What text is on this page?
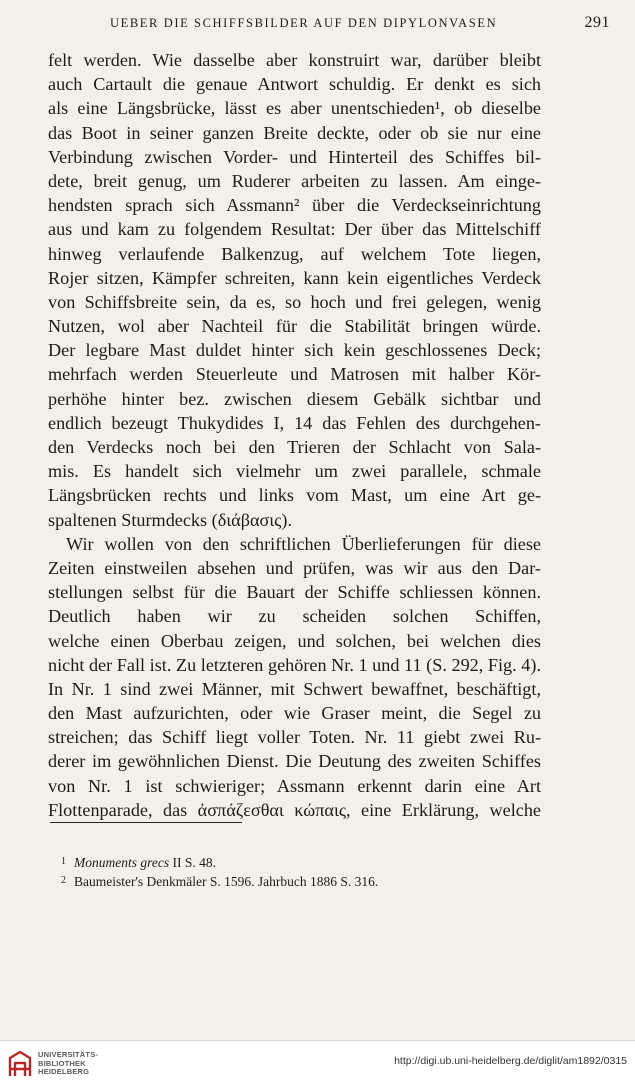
UEBER DIE SCHIFFSBILDER AUF DEN DIPYLONVASEN	291
felt werden. Wie dasselbe aber konstruirt war, darüber bleibt
auch Cartault die genaue Antwort schuldig. Er denkt es sich
als eine Längsbrücke, lässt es aber unentschieden¹, ob dieselbe
das Boot in seiner ganzen Breite deckte, oder ob sie nur eine
Verbindung zwischen Vorder- und Hinterteil des Schiffes bil-
dete, breit genug, um Ruderer arbeiten zu lassen. Am einge-
hendsten sprach sich Assmann² über die Verdeckseinrichtung
aus und kam zu folgendem Resultat: Der über das Mittelschiff
hinweg verlaufende Balkenzug, auf welchem Tote liegen,
Rojer sitzen, Kämpfer schreiten, kann kein eigentliches Verdeck
von Schiffsbreite sein, da es, so hoch und frei gelegen, wenig
Nutzen, wol aber Nachteil für die Stabilität bringen würde.
Der legbare Mast duldet hinter sich kein geschlossenes Deck;
mehrfach werden Steuerleute und Matrosen mit halber Kör-
perhöhe hinter bez. zwischen diesem Gebälk sichtbar und
endlich bezeugt Thukydides I, 14 das Fehlen des durchgehen-
den Verdecks noch bei den Trieren der Schlacht von Sala-
mis. Es handelt sich vielmehr um zwei parallele, schmale
Längsbrücken rechts und links vom Mast, um eine Art ge-
spaltenen Sturmdecks (διάβασις).
Wir wollen von den schriftlichen Überlieferungen für diese
Zeiten einstweilen absehen und prüfen, was wir aus den Dar-
stellungen selbst für die Bauart der Schiffe schliessen können.
Deutlich haben wir zu scheiden solchen Schiffen,
welche einen Oberbau zeigen, und solchen, bei welchen dies
nicht der Fall ist. Zu letzteren gehören Nr. 1 und 11 (S. 292, Fig. 4).
In Nr. 1 sind zwei Männer, mit Schwert bewaffnet, beschäftigt,
den Mast aufzurichten, oder wie Graser meint, die Segel zu
streichen; das Schiff liegt voller Toten. Nr. 11 giebt zwei Ru-
derer im gewöhnlichen Dienst. Die Deutung des zweiten Schiffes
von Nr. 1 ist schwieriger; Assmann erkennt darin eine Art
Flottenparade, das ἀσπάζεσθαι κώπαις, eine Erklärung, welche
1 Monuments grecs II S. 48.
2 Baumeister's Denkmäler S. 1596. Jahrbuch 1886 S. 316.
UNIVERSITÄTS-
BIBLIOTHEK
HEIDELBERG
http://digi.ub.uni-heidelberg.de/diglit/am1892/0315
